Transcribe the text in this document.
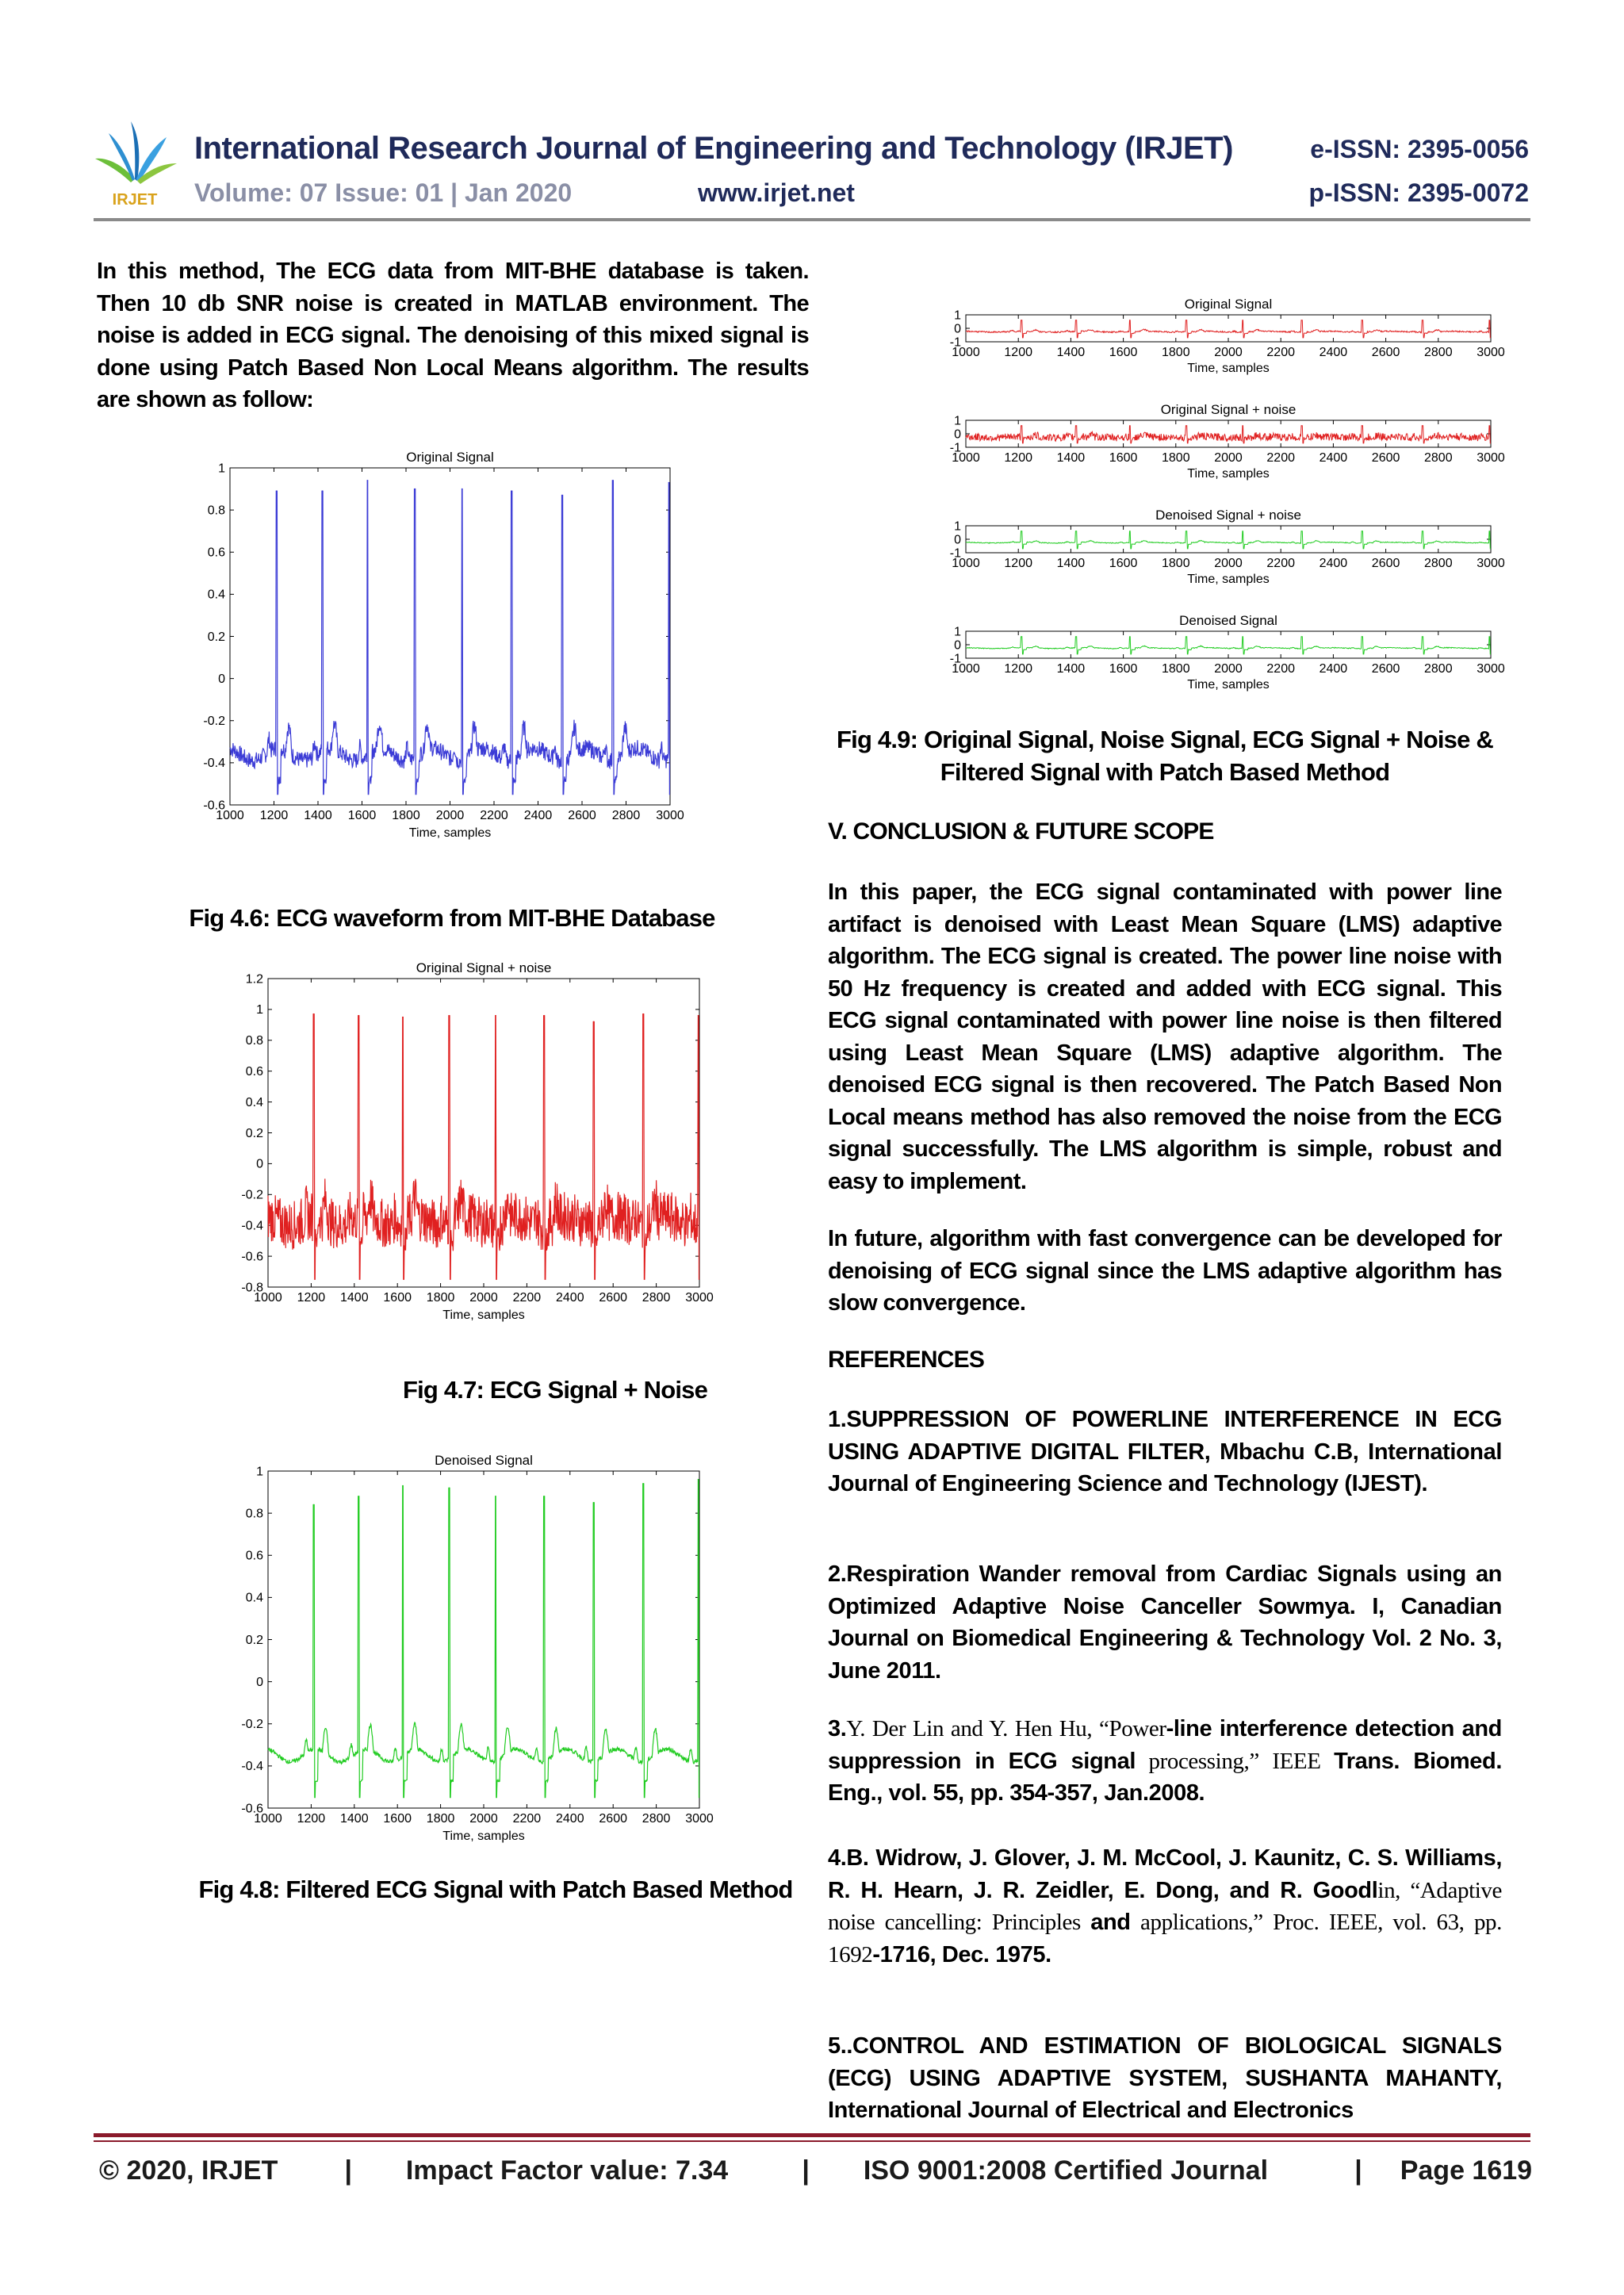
IRJET
International Research Journal of Engineering and Technology (IRJET)	e-ISSN: 2395-0056
Volume: 07 Issue: 01 | Jan 2020	www.irjet.net	p-ISSN: 2395-0072
In this method, The ECG data from MIT-BHE database is taken. Then 10 db SNR noise is created in MATLAB environment. The noise is added in ECG signal. The denoising of this mixed signal is done using Patch Based Non Local Means algorithm. The results are shown as follow:
1000 1200 1400 1600 1800 2000 2200 2400 2600 2800 3000
1
0.8
0.6
0.4
0.2
0
-0.2
-0.4
-0.6
Original Signal
Time, samples
Fig 4.6: ECG waveform from MIT-BHE Database
1000 1200 1400 1600 1800 2000 2200 2400 2600 2800 3000
1.2
1
0.8
0.6
0.4
0.2
0
-0.2
-0.4
-0.6
-0.8
Original Signal + noise
Time, samples
Fig 4.7: ECG Signal + Noise
1000 1200 1400 1600 1800 2000 2200 2400 2600 2800 3000
1
0.8
0.6
0.4
0.2
0
-0.2
-0.4
-0.6
Denoised Signal
Time, samples
Fig 4.8: Filtered ECG Signal with Patch Based Method
Original Signal
1000 1200 1400 1600 1800 2000 2200 2400 2600 2800 3000
1
0
-1
Time, samples
Original Signal + noise
1000 1200 1400 1600 1800 2000 2200 2400 2600 2800 3000
1
0
-1
Time, samples
Denoised Signal + noise
1000 1200 1400 1600 1800 2000 2200 2400 2600 2800 3000
1
0
-1
Time, samples
Denoised Signal
1000 1200 1400 1600 1800 2000 2200 2400 2600 2800 3000
1
0
-1
Time, samples
Fig 4.9: Original Signal, Noise Signal, ECG Signal + Noise &
Filtered Signal with Patch Based Method
V. CONCLUSION & FUTURE SCOPE
In this paper, the ECG signal contaminated with power line artifact is denoised with Least Mean Square (LMS) adaptive algorithm. The ECG signal is created. The power line noise with 50 Hz frequency is created and added with ECG signal. This ECG signal contaminated with power line noise is then filtered using Least Mean Square (LMS) adaptive algorithm. The denoised ECG signal is then recovered. The Patch Based Non Local means method has also removed the noise from the ECG signal successfully. The LMS algorithm is simple, robust and easy to implement.
In future, algorithm with fast convergence can be developed for denoising of ECG signal since the LMS adaptive algorithm has slow convergence.
REFERENCES
1.SUPPRESSION OF POWERLINE INTERFERENCE IN ECG USING ADAPTIVE DIGITAL FILTER, Mbachu C.B, International Journal of Engineering Science and Technology (IJEST).
2.Respiration Wander removal from Cardiac Signals using an Optimized Adaptive Noise Canceller Sowmya. I, Canadian Journal on Biomedical Engineering & Technology Vol. 2 No. 3, June 2011.
3.Y. Der Lin and Y. Hen Hu, “Power-line interference detection and suppression in ECG signal processing,” IEEE Trans. Biomed. Eng., vol. 55, pp. 354-357, Jan.2008.
4.B. Widrow, J. Glover, J. M. McCool, J. Kaunitz, C. S. Williams, R. H. Hearn, J. R. Zeidler, E. Dong, and R. Goodlin, “Adaptive noise cancelling: Principles and applications,” Proc. IEEE, vol. 63, pp. 1692-1716, Dec. 1975.
5..CONTROL AND ESTIMATION OF BIOLOGICAL SIGNALS (ECG) USING ADAPTIVE SYSTEM, SUSHANTA MAHANTY, International Journal of Electrical and Electronics
© 2020, IRJET | Impact Factor value: 7.34	| ISO 9001:2008 Certified Journal	| Page 1619
